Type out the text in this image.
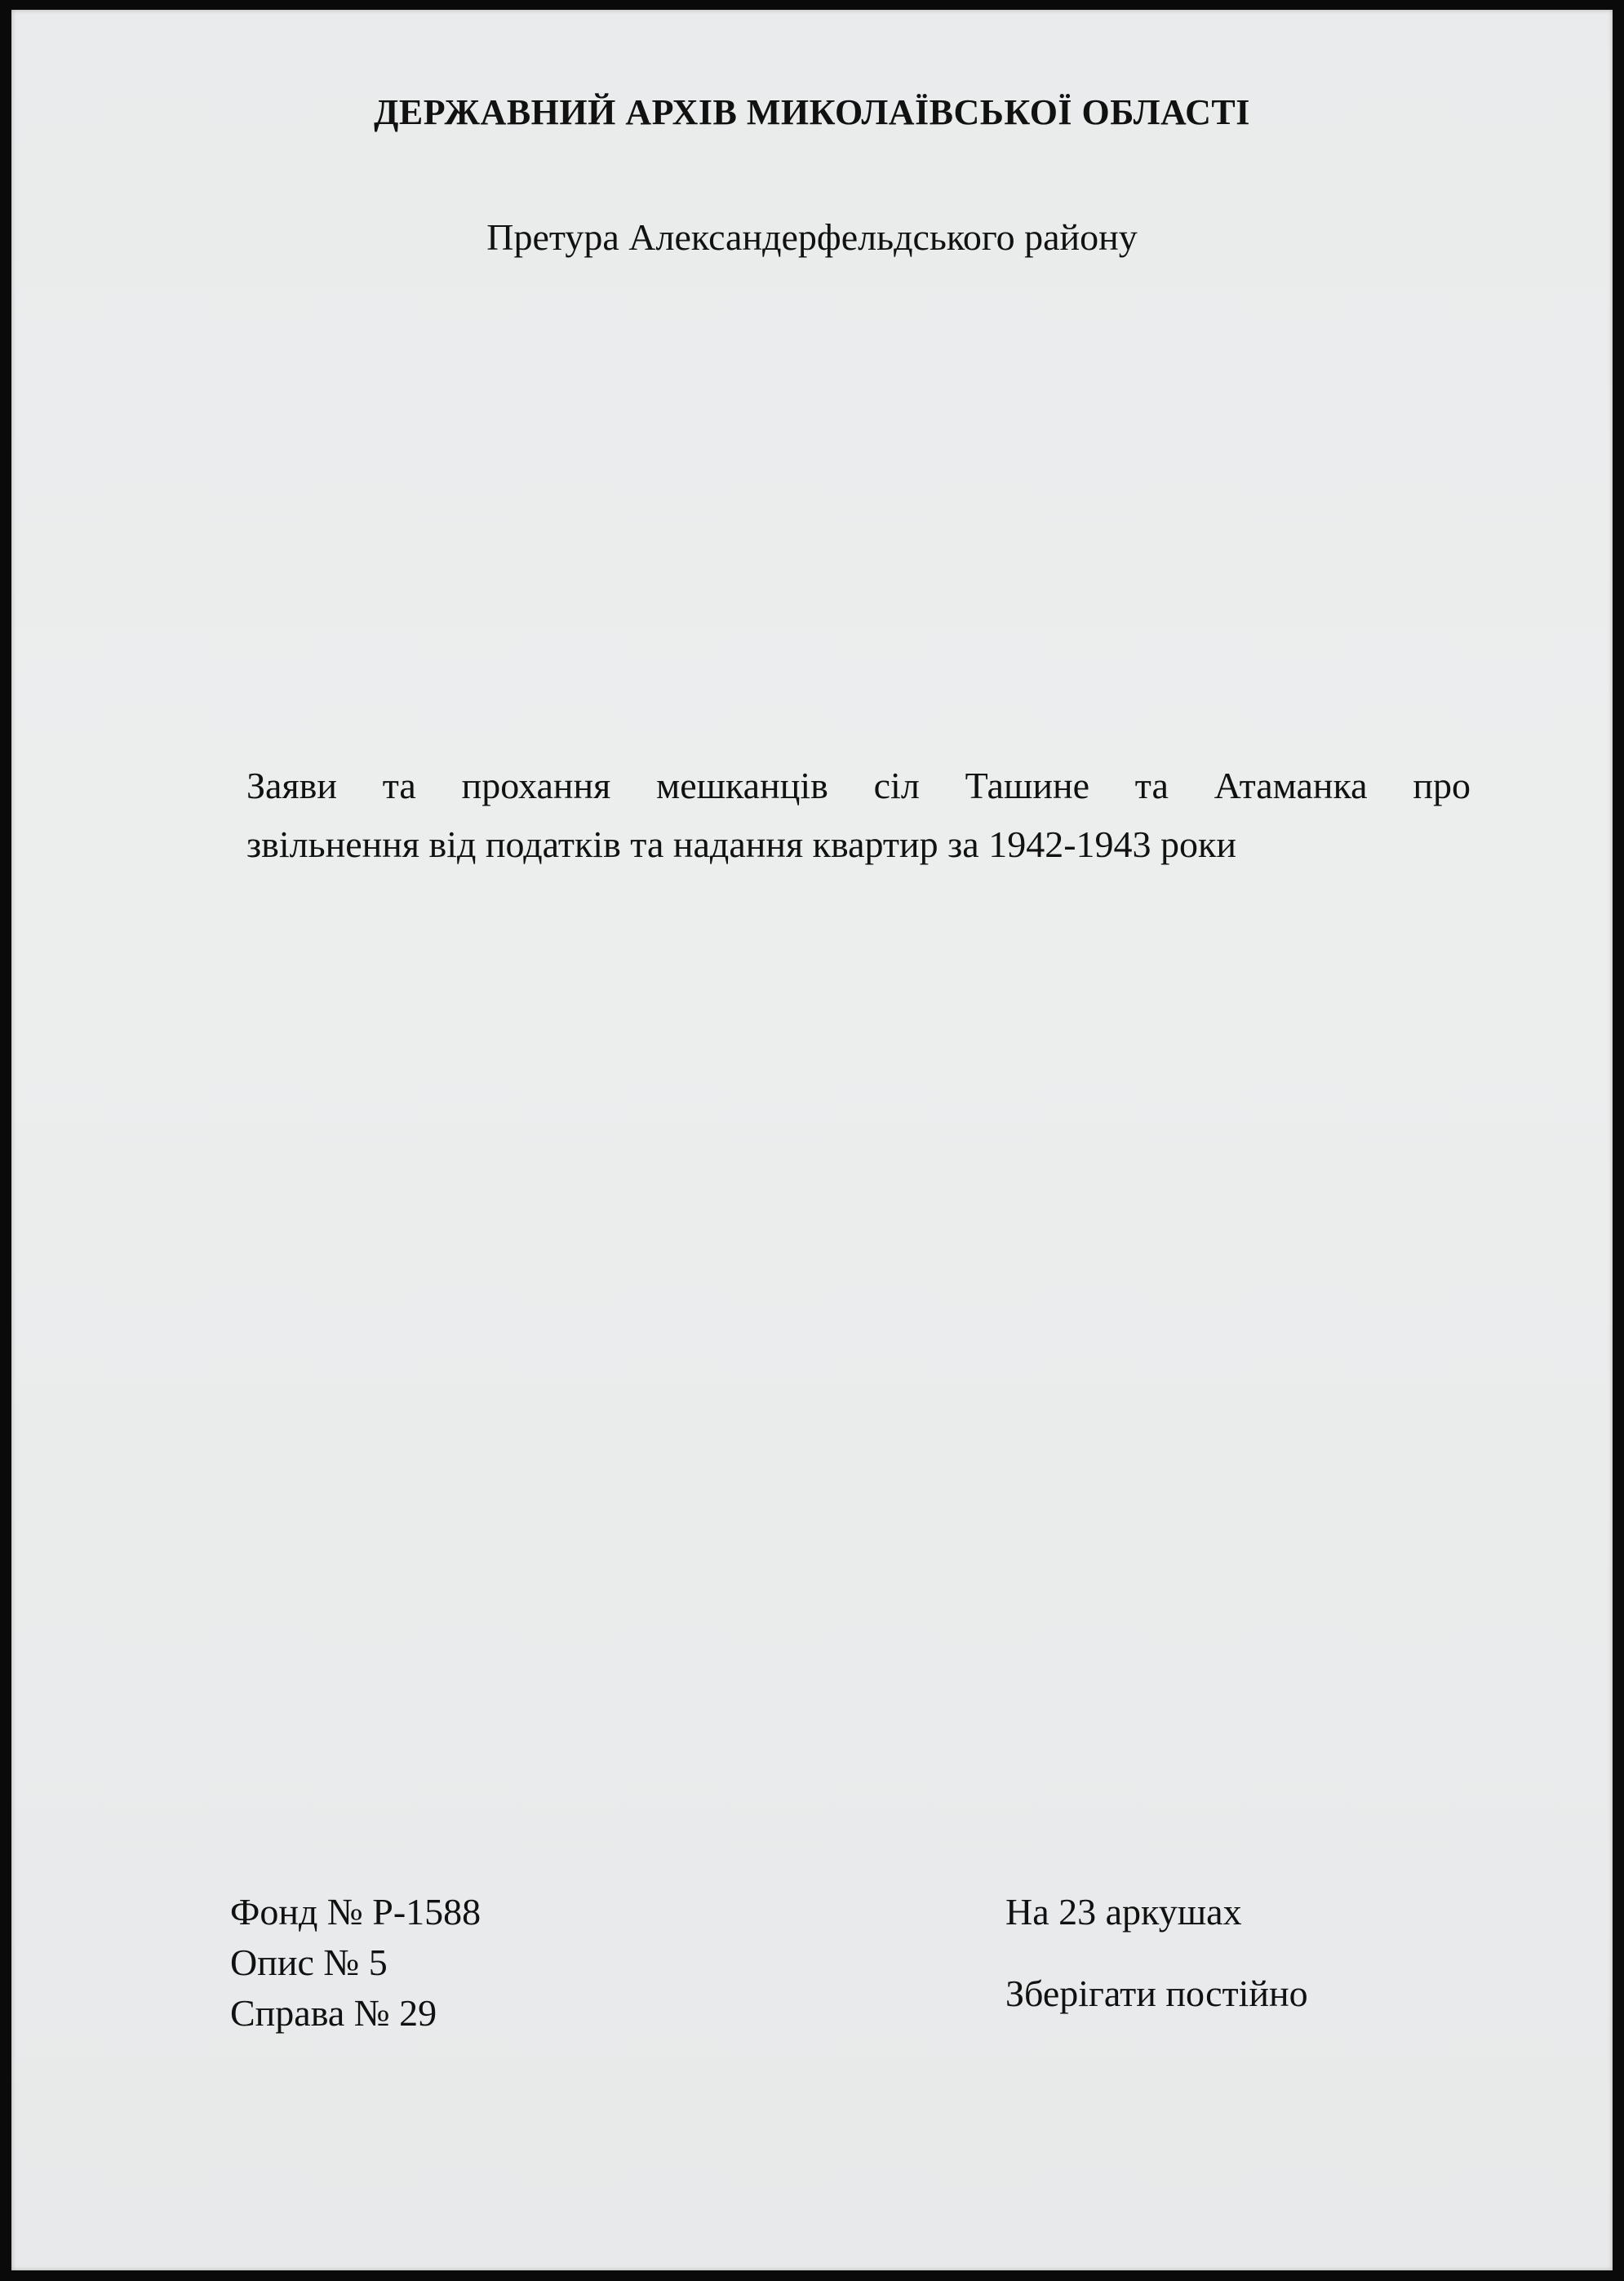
ДЕРЖАВНИЙ АРХІВ МИКОЛАЇВСЬКОЇ ОБЛАСТІ
Претура Александерфельдського району
Заяви та прохання мешканців сіл Ташине та Атаманка про
звільнення від податків та надання квартир за 1942-1943 роки
Фонд № Р-1588
Опис № 5
Справа № 29
На 23 аркушах
Зберігати постійно
